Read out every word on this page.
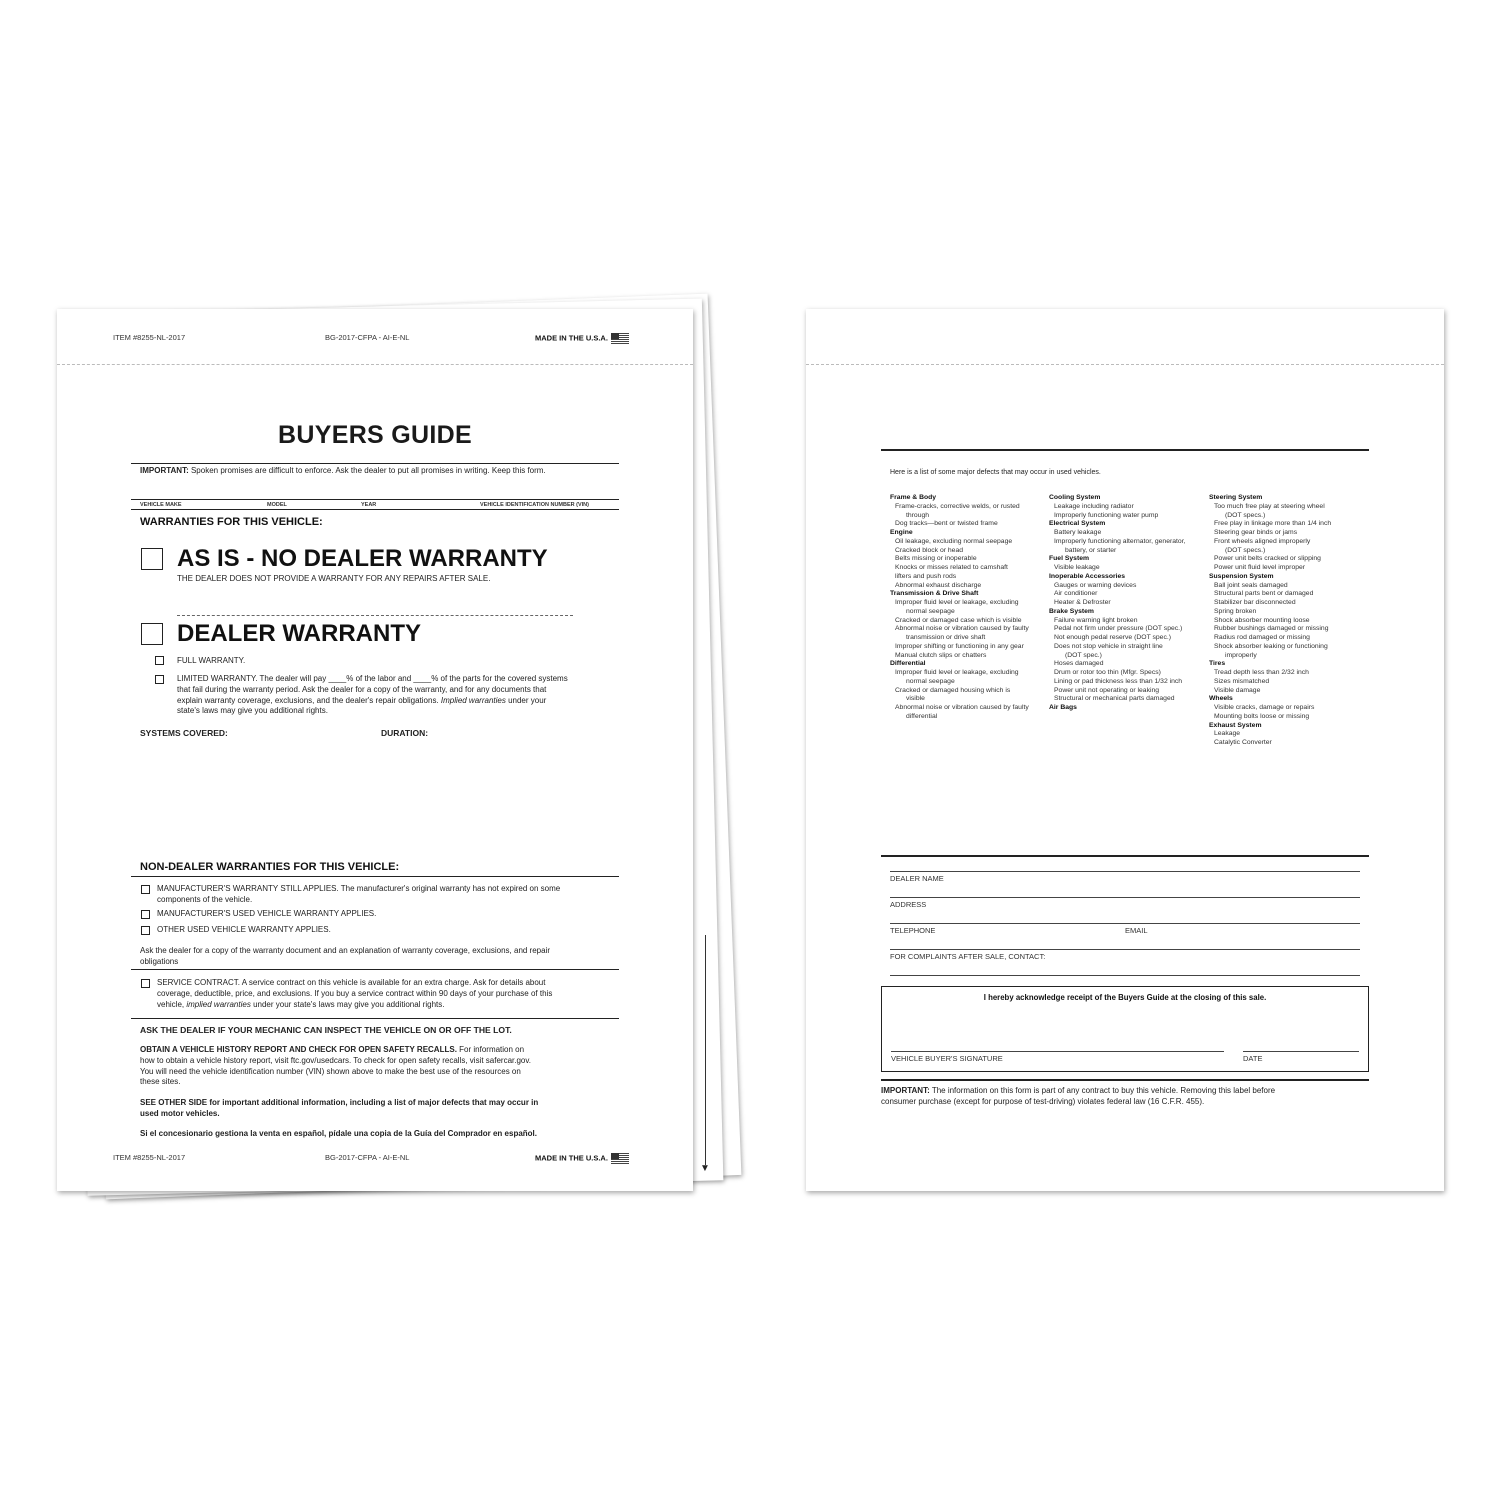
▼
ITEM #8255-NL-2017	BG-2017-CFPA - AI-E-NL	MADE IN THE U.S.A.
BUYERS GUIDE
IMPORTANT: Spoken promises are difficult to enforce. Ask the dealer to put all promises in writing. Keep this form.
VEHICLE MAKE	MODEL	YEAR	VEHICLE IDENTIFICATION NUMBER (VIN)
WARRANTIES FOR THIS VEHICLE:
AS IS - NO DEALER WARRANTY
THE DEALER DOES NOT PROVIDE A WARRANTY FOR ANY REPAIRS AFTER SALE.
DEALER WARRANTY
FULL WARRANTY.
LIMITED WARRANTY. The dealer will pay ____% of the labor and ____% of the parts for the covered systems
that fail during the warranty period. Ask the dealer for a copy of the warranty, and for any documents that
explain warranty coverage, exclusions, and the dealer's repair obligations. Implied warranties under your
state's laws may give you additional rights.
SYSTEMS COVERED:	DURATION:
NON-DEALER WARRANTIES FOR THIS VEHICLE:
MANUFACTURER'S WARRANTY STILL APPLIES. The manufacturer's original warranty has not expired on some
components of the vehicle.
MANUFACTURER'S USED VEHICLE WARRANTY APPLIES.
OTHER USED VEHICLE WARRANTY APPLIES.
Ask the dealer for a copy of the warranty document and an explanation of warranty coverage, exclusions, and repair
obligations
SERVICE CONTRACT. A service contract on this vehicle is available for an extra charge. Ask for details about
coverage, deductible, price, and exclusions. If you buy a service contract within 90 days of your purchase of this
vehicle, implied warranties under your state's laws may give you additional rights.
ASK THE DEALER IF YOUR MECHANIC CAN INSPECT THE VEHICLE ON OR OFF THE LOT.
OBTAIN A VEHICLE HISTORY REPORT AND CHECK FOR OPEN SAFETY RECALLS. For information on
how to obtain a vehicle history report, visit ftc.gov/usedcars. To check for open safety recalls, visit safercar.gov.
You will need the vehicle identification number (VIN) shown above to make the best use of the resources on
these sites.
SEE OTHER SIDE for important additional information, including a list of major defects that may occur in
used motor vehicles.
Si el concesionario gestiona la venta en español, pídale una copia de la Guía del Comprador en español.
ITEM #8255-NL-2017	BG-2017-CFPA - AI-E-NL	MADE IN THE U.S.A.
Here is a list of some major defects that may occur in used vehicles.
Frame & Body
Frame-cracks, corrective welds, or rusted
through
Dog tracks—bent or twisted frame
Engine
Oil leakage, excluding normal seepage
Cracked block or head
Belts missing or inoperable
Knocks or misses related to camshaft
lifters and push rods
Abnormal exhaust discharge
Transmission & Drive Shaft
Improper fluid level or leakage, excluding
normal seepage
Cracked or damaged case which is visible
Abnormal noise or vibration caused by faulty
transmission or drive shaft
Improper shifting or functioning in any gear
Manual clutch slips or chatters
Differential
Improper fluid level or leakage, excluding
normal seepage
Cracked or damaged housing which is
visible
Abnormal noise or vibration caused by faulty
differential
Cooling System
Leakage including radiator
Improperly functioning water pump
Electrical System
Battery leakage
Improperly functioning alternator, generator,
battery, or starter
Fuel System
Visible leakage
Inoperable Accessories
Gauges or warning devices
Air conditioner
Heater & Defroster
Brake System
Failure warning light broken
Pedal not firm under pressure (DOT spec.)
Not enough pedal reserve (DOT spec.)
Does not stop vehicle in straight line
(DOT spec.)
Hoses damaged
Drum or rotor too thin (Mfgr. Specs)
Lining or pad thickness less than 1/32 inch
Power unit not operating or leaking
Structural or mechanical parts damaged
Air Bags
Steering System
Too much free play at steering wheel
(DOT specs.)
Free play in linkage more than 1/4 inch
Steering gear binds or jams
Front wheels aligned improperly
(DOT specs.)
Power unit belts cracked or slipping
Power unit fluid level improper
Suspension System
Ball joint seals damaged
Structural parts bent or damaged
Stabilizer bar disconnected
Spring broken
Shock absorber mounting loose
Rubber bushings damaged or missing
Radius rod damaged or missing
Shock absorber leaking or functioning
improperly
Tires
Tread depth less than 2/32 inch
Sizes mismatched
Visible damage
Wheels
Visible cracks, damage or repairs
Mounting bolts loose or missing
Exhaust System
Leakage
Catalytic Converter
DEALER NAME
ADDRESS
TELEPHONE	EMAIL
FOR COMPLAINTS AFTER SALE, CONTACT:
I hereby acknowledge receipt of the Buyers Guide at the closing of this sale.
VEHICLE BUYER'S SIGNATURE	DATE
IMPORTANT: The information on this form is part of any contract to buy this vehicle. Removing this label before
consumer purchase (except for purpose of test-driving) violates federal law (16 C.F.R. 455).
